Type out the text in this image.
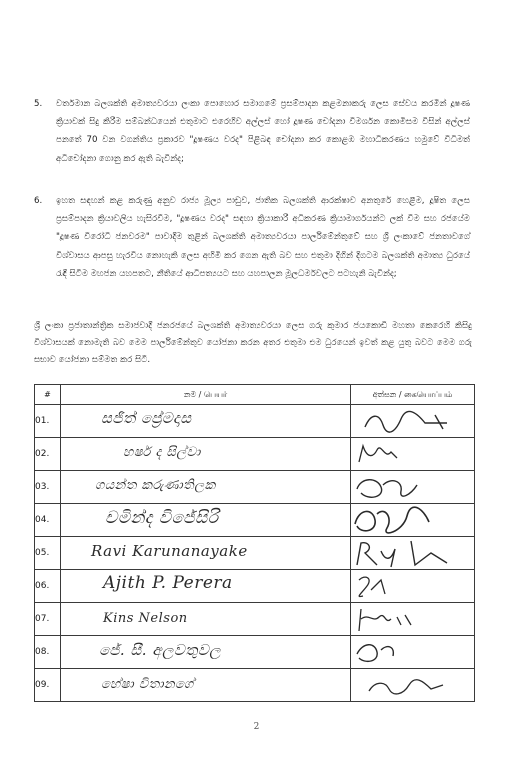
5. වර්තමාන බලශක්ති අමාත්‍යවරයා ලංකා පොහොර සමාගමේ ප්‍රසම්පාදන කළමනාකරු ලෙස සේවය කරමින් දූෂණ ක්‍රියාවක් සිදු කිරීම සම්බන්ධයෙන් එතුමාට එරෙහිව අල්ලස් හෝ දූෂණ චෝදනා විමර්ශන කොමිසම විසින් අල්ලස් පනතේ 70 වන වගන්තිය ප්‍රකාරව "දූෂණය වරද" පිළිබඳ චෝදනා කර කොළඹ මහාධිකරණය හමුවේ විධිමත් අධිචෝදනා ගොනු කර ඇති බැවින්ද;
6. ඉහත සඳහන් කළ කරුණු අනුව රාජ්‍ය මූල්‍ය පාඩුව, ජාතික බලශක්ති ආරක්ෂාව අනතුරේ හෙළීම, දූෂිත ලෙස ප්‍රසම්පාදන ක්‍රියාවලිය හැසිරවීම, "දූෂණය වරද" සඳහා ක්‍රියාකාරී අධිකරණ ක්‍රියාමාර්ගයන්ට ලක් වීම සහ රජයේම "දූෂණ විරෝධී ජනවරම" පාවාදීම තුළින් බලශක්ති අමාත්‍යවරයා පාර්ලිමේන්තුවේ සහ ශ්‍රී ලංකාවේ ජනතාවගේ විශ්වාසය ආපසු හැරවිය නොහැකි ලෙස අහිමි කර ගෙන ඇති බව සහ එතුමා දිගින් දිගටම බලශක්ති අමාත්‍ය ධුරයේ රැඳී සිටීම මහජන යහපතට, නීතියේ ආධිපත්‍යයට සහ යහපාලන මූලධර්මවලට පටහැනි බැවින්ද;
ශ්‍රී ලංකා ප්‍රජාතාන්ත්‍රික සමාජවාදී ජනරජයේ බලශක්ති අමාත්‍යවරයා ලෙස ගරු කුමාර ජයකොඩි මහතා කෙරෙහි කිසිදු විශ්වාසයක් නොමැති බව මෙම පාර්ලිමේන්තුව යෝජනා කරන අතර එතුමා එම ධුරයෙන් ඉවත් කළ යුතු බවට මෙම ගරු සභාව යෝජනා සම්මත කර සිටී.
#	නම / பெயர்	අත්සන / கையொப்பம்
01.	සජිත් ප්‍රේමදාස

02.	හර්ෂ ද සිල්වා

03.	ගයන්ත කරුණාතිලක

04.	චමින්ද විජේසිරි

05.	Ravi Karunanayake

06.	Ajith P. Perera

07.	Kins Nelson

08.	ජේ. සී. අලවතුවල

09.	හේෂා විතානගේ

2
